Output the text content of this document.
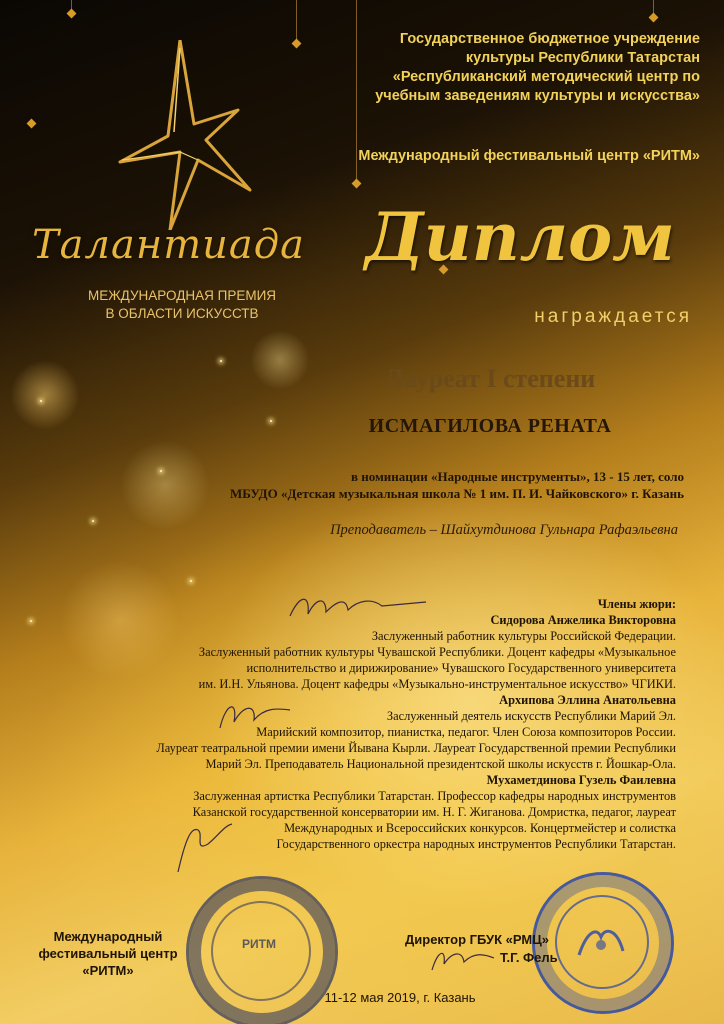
Государственное бюджетное учреждение
культуры Республики Татарстан
«Республиканский методический центр по
учебным заведениям культуры и искусства»
Международный фестивальный центр «РИТМ»
Талантиада
МЕЖДУНАРОДНАЯ ПРЕМИЯ
В ОБЛАСТИ ИСКУССТВ
Диплом
награждается
Лауреат I степени
ИСМАГИЛОВА РЕНАТА
в номинации «Народные инструменты», 13 - 15 лет, соло
МБУДО «Детская музыкальная школа № 1 им. П. И. Чайковского» г. Казань
Преподаватель – Шайхутдинова Гульнара Рафаэльевна
Члены жюри:
Сидорова Анжелика Викторовна
Заслуженный работник культуры Российской Федерации.
Заслуженный работник культуры Чувашской Республики. Доцент кафедры «Музыкальное
исполнительство и дирижирование» Чувашского Государственного университета
им. И.Н. Ульянова. Доцент кафедры «Музыкально-инструментальное искусство» ЧГИКИ.
Архипова Эллина Анатольевна
Заслуженный деятель искусств Республики Марий Эл.
Марийский композитор, пианистка, педагог. Член Союза композиторов России.
Лауреат театральной премии имени Йывана Кырли. Лауреат Государственной премии Республики
Марий Эл. Преподаватель Национальной президентской школы искусств г. Йошкар-Ола.
Мухаметдинова Гузель Фаилевна
Заслуженная артистка Республики Татарстан. Профессор кафедры народных инструментов
Казанской государственной консерватории им. Н. Г. Жиганова. Домристка, педагог, лауреат
Международных и Всероссийских конкурсов. Концертмейстер и солистка
Государственного оркестра народных инструментов Республики Татарстан.
РИТМ
Международный
фестивальный центр
«РИТМ»
Директор ГБУК «РМЦ»
Т.Г. Фель
11-12 мая 2019, г. Казань
